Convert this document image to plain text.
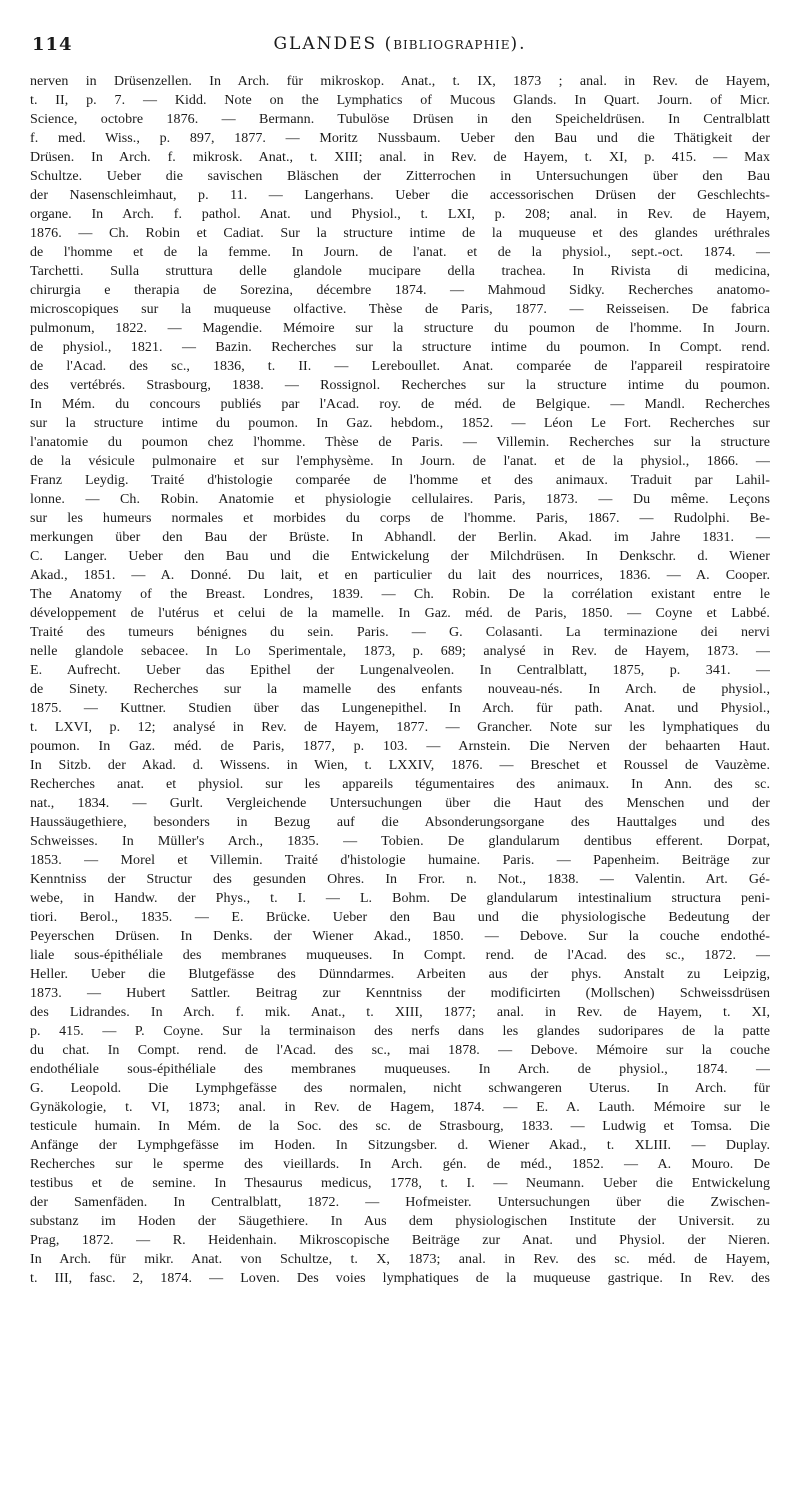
114	GLANDES (BIBLIOGRAPHIE).
nerven in Drüsenzellen. In Arch. für mikroskop. Anat., t. IX, 1873 ; anal. in Rev. de Hayem,
t. II, p. 7. — Kidd. Note on the Lymphatics of Mucous Glands. In Quart. Journ. of Micr.
Science, octobre 1876. — Bermann. Tubulöse Drüsen in den Speicheldrüsen. In Centralblatt
f. med. Wiss., p. 897, 1877. — Moritz Nussbaum. Ueber den Bau und die Thätigkeit der
Drüsen. In Arch. f. mikrosk. Anat., t. XIII; anal. in Rev. de Hayem, t. XI, p. 415. — Max
Schultze. Ueber die savischen Bläschen der Zitterrochen in Untersuchungen über den Bau
der Nasenschleimhaut, p. 11. — Langerhans. Ueber die accessorischen Drüsen der Geschlechts-
organe. In Arch. f. pathol. Anat. und Physiol., t. LXI, p. 208; anal. in Rev. de Hayem,
1876. — Ch. Robin et Cadiat. Sur la structure intime de la muqueuse et des glandes uréthrales
de l'homme et de la femme. In Journ. de l'anat. et de la physiol., sept.-oct. 1874. —
Tarchetti. Sulla struttura delle glandole mucipare della trachea. In Rivista di medicina,
chirurgia e therapia de Sorezina, décembre 1874. — Mahmoud Sidky. Recherches anatomo-
microscopiques sur la muqueuse olfactive. Thèse de Paris, 1877. — Reisseisen. De fabrica
pulmonum, 1822. — Magendie. Mémoire sur la structure du poumon de l'homme. In Journ.
de physiol., 1821. — Bazin. Recherches sur la structure intime du poumon. In Compt. rend.
de l'Acad. des sc., 1836, t. II. — Lereboullet. Anat. comparée de l'appareil respiratoire
des vertébrés. Strasbourg, 1838. — Rossignol. Recherches sur la structure intime du poumon.
In Mém. du concours publiés par l'Acad. roy. de méd. de Belgique. — Mandl. Recherches
sur la structure intime du poumon. In Gaz. hebdom., 1852. — Léon Le Fort. Recherches sur
l'anatomie du poumon chez l'homme. Thèse de Paris. — Villemin. Recherches sur la structure
de la vésicule pulmonaire et sur l'emphysème. In Journ. de l'anat. et de la physiol., 1866. —
Franz Leydig. Traité d'histologie comparée de l'homme et des animaux. Traduit par Lahil-
lonne. — Ch. Robin. Anatomie et physiologie cellulaires. Paris, 1873. — Du même. Leçons
sur les humeurs normales et morbides du corps de l'homme. Paris, 1867. — Rudolphi. Be-
merkungen über den Bau der Brüste. In Abhandl. der Berlin. Akad. im Jahre 1831. —
C. Langer. Ueber den Bau und die Entwickelung der Milchdrüsen. In Denkschr. d. Wiener
Akad., 1851. — A. Donné. Du lait, et en particulier du lait des nourrices, 1836. — A. Cooper.
The Anatomy of the Breast. Londres, 1839. — Ch. Robin. De la corrélation existant entre le
développement de l'utérus et celui de la mamelle. In Gaz. méd. de Paris, 1850. — Coyne et Labbé.
Traité des tumeurs bénignes du sein. Paris. — G. Colasanti. La terminazione dei nervi
nelle glandole sebacee. In Lo Sperimentale, 1873, p. 689; analysé in Rev. de Hayem, 1873. —
E. Aufrecht. Ueber das Epithel der Lungenalveolen. In Centralblatt, 1875, p. 341. —
de Sinety. Recherches sur la mamelle des enfants nouveau-nés. In Arch. de physiol.,
1875. — Kuttner. Studien über das Lungenepithel. In Arch. für path. Anat. und Physiol.,
t. LXVI, p. 12; analysé in Rev. de Hayem, 1877. — Grancher. Note sur les lymphatiques du
poumon. In Gaz. méd. de Paris, 1877, p. 103. — Arnstein. Die Nerven der behaarten Haut.
In Sitzb. der Akad. d. Wissens. in Wien, t. LXXIV, 1876. — Breschet et Roussel de Vauzème.
Recherches anat. et physiol. sur les appareils tégumentaires des animaux. In Ann. des sc.
nat., 1834. — Gurlt. Vergleichende Untersuchungen über die Haut des Menschen und der
Haussäugethiere, besonders in Bezug auf die Absonderungsorgane des Hauttalges und des
Schweisses. In Müller's Arch., 1835. — Tobien. De glandularum dentibus efferent. Dorpat,
1853. — Morel et Villemin. Traité d'histologie humaine. Paris. — Papenheim. Beiträge zur
Kenntniss der Structur des gesunden Ohres. In Fror. n. Not., 1838. — Valentin. Art. Gé-
webe, in Handw. der Phys., t. I. — L. Bohm. De glandularum intestinalium structura peni-
tiori. Berol., 1835. — E. Brücke. Ueber den Bau und die physiologische Bedeutung der
Peyerschen Drüsen. In Denks. der Wiener Akad., 1850. — Debove. Sur la couche endothé-
liale sous-épithéliale des membranes muqueuses. In Compt. rend. de l'Acad. des sc., 1872. —
Heller. Ueber die Blutgefässe des Dünndarmes. Arbeiten aus der phys. Anstalt zu Leipzig,
1873. — Hubert Sattler. Beitrag zur Kenntniss der modificirten (Mollschen) Schweissdrüsen
des Lidrandes. In Arch. f. mik. Anat., t. XIII, 1877; anal. in Rev. de Hayem, t. XI,
p. 415. — P. Coyne. Sur la terminaison des nerfs dans les glandes sudoripares de la patte
du chat. In Compt. rend. de l'Acad. des sc., mai 1878. — Debove. Mémoire sur la couche
endothéliale sous-épithéliale des membranes muqueuses. In Arch. de physiol., 1874. —
G. Leopold. Die Lymphgefässe des normalen, nicht schwangeren Uterus. In Arch. für
Gynäkologie, t. VI, 1873; anal. in Rev. de Hagem, 1874. — E. A. Lauth. Mémoire sur le
testicule humain. In Mém. de la Soc. des sc. de Strasbourg, 1833. — Ludwig et Tomsa. Die
Anfänge der Lymphgefässe im Hoden. In Sitzungsber. d. Wiener Akad., t. XLIII. — Duplay.
Recherches sur le sperme des vieillards. In Arch. gén. de méd., 1852. — A. Mouro. De
testibus et de semine. In Thesaurus medicus, 1778, t. I. — Neumann. Ueber die Entwickelung
der Samenfäden. In Centralblatt, 1872. — Hofmeister. Untersuchungen über die Zwischen-
substanz im Hoden der Säugethiere. In Aus dem physiologischen Institute der Universit. zu
Prag, 1872. — R. Heidenhain. Mikroscopische Beiträge zur Anat. und Physiol. der Nieren.
In Arch. für mikr. Anat. von Schultze, t. X, 1873; anal. in Rev. des sc. méd. de Hayem,
t. III, fasc. 2, 1874. — Loven. Des voies lymphatiques de la muqueuse gastrique. In Rev. des
